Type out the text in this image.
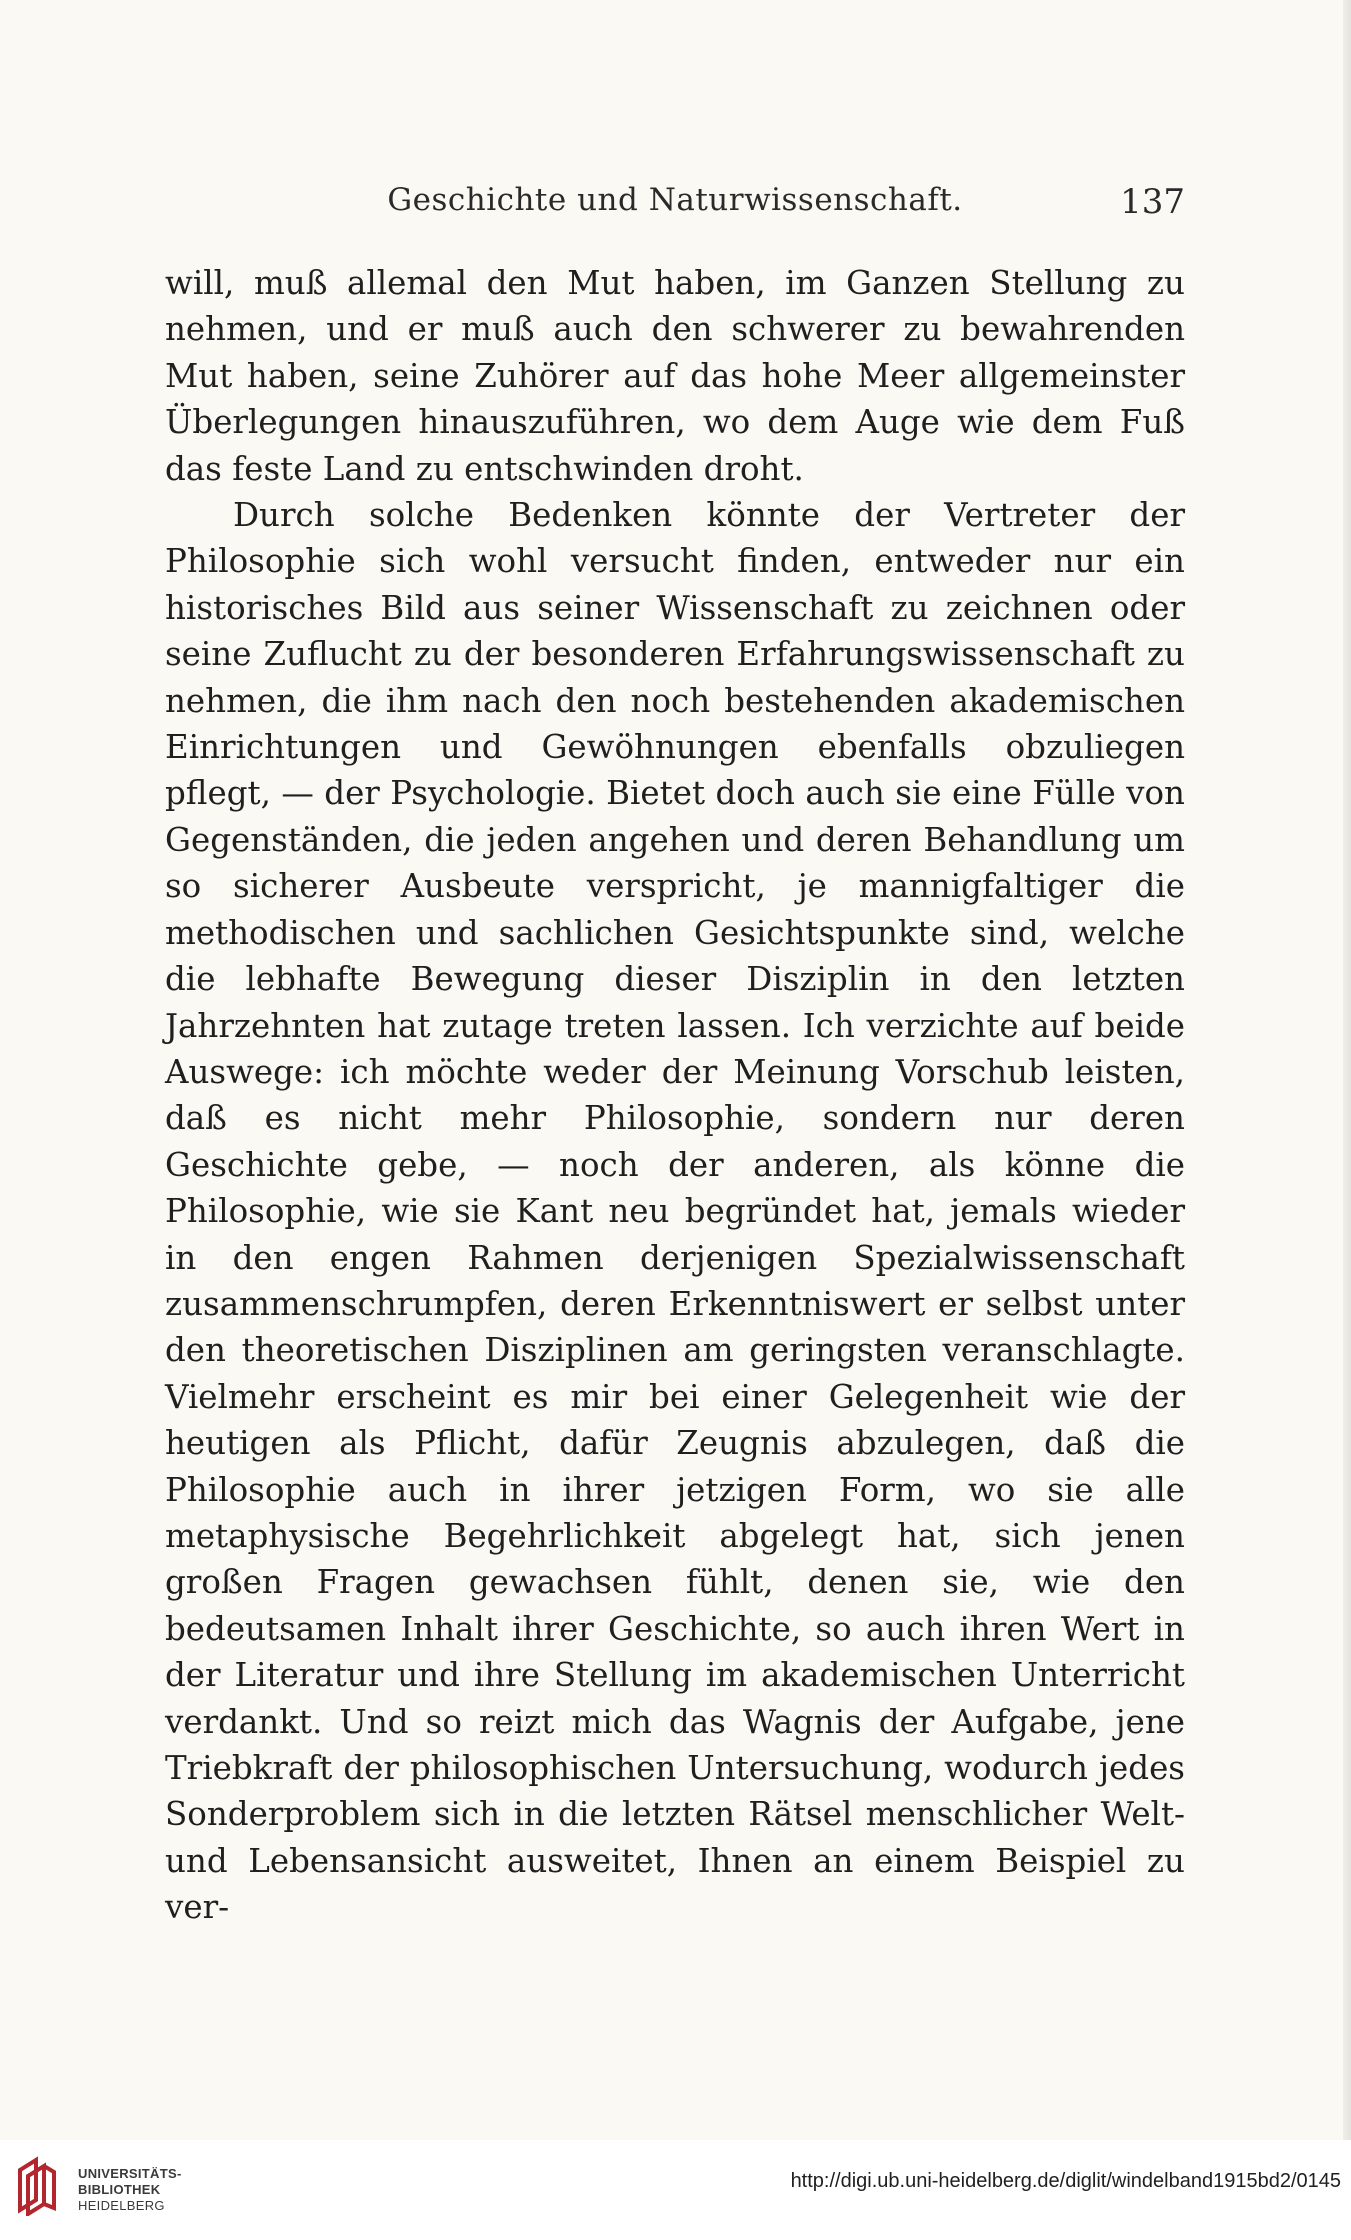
Geschichte und Naturwissenschaft.	137

will, muß allemal den Mut haben, im Ganzen Stellung zu nehmen, und er muß auch den schwerer zu bewahrenden Mut haben, seine Zuhörer auf das hohe Meer allgemeinster Überlegungen hinauszuführen, wo dem Auge wie dem Fuß das feste Land zu entschwinden droht.

Durch solche Bedenken könnte der Vertreter der Philosophie sich wohl versucht finden, entweder nur ein historisches Bild aus seiner Wissenschaft zu zeichnen oder seine Zuflucht zu der besonderen Erfahrungswissenschaft zu nehmen, die ihm nach den noch bestehenden akademischen Einrichtungen und Gewöhnungen ebenfalls obzuliegen pflegt, — der Psychologie. Bietet doch auch sie eine Fülle von Gegenständen, die jeden angehen und deren Behandlung um so sicherer Ausbeute verspricht, je mannigfaltiger die methodischen und sachlichen Gesichtspunkte sind, welche die lebhafte Bewegung dieser Disziplin in den letzten Jahrzehnten hat zutage treten lassen. Ich verzichte auf beide Auswege: ich möchte weder der Meinung Vorschub leisten, daß es nicht mehr Philosophie, sondern nur deren Geschichte gebe, — noch der anderen, als könne die Philosophie, wie sie Kant neu begründet hat, jemals wieder in den engen Rahmen derjenigen Spezialwissenschaft zusammenschrumpfen, deren Erkenntniswert er selbst unter den theoretischen Disziplinen am geringsten veranschlagte. Vielmehr erscheint es mir bei einer Gelegenheit wie der heutigen als Pflicht, dafür Zeugnis abzulegen, daß die Philosophie auch in ihrer jetzigen Form, wo sie alle metaphysische Begehrlichkeit abgelegt hat, sich jenen großen Fragen gewachsen fühlt, denen sie, wie den bedeutsamen Inhalt ihrer Geschichte, so auch ihren Wert in der Literatur und ihre Stellung im akademischen Unterricht verdankt. Und so reizt mich das Wagnis der Aufgabe, jene Triebkraft der philosophischen Untersuchung, wodurch jedes Sonderproblem sich in die letzten Rätsel menschlicher Welt- und Lebensansicht ausweitet, Ihnen an einem Beispiel zu ver-

UNIVERSITÄTS-
BIBLIOTHEK
HEIDELBERG
http://digi.ub.uni-heidelberg.de/diglit/windelband1915bd2/0145
